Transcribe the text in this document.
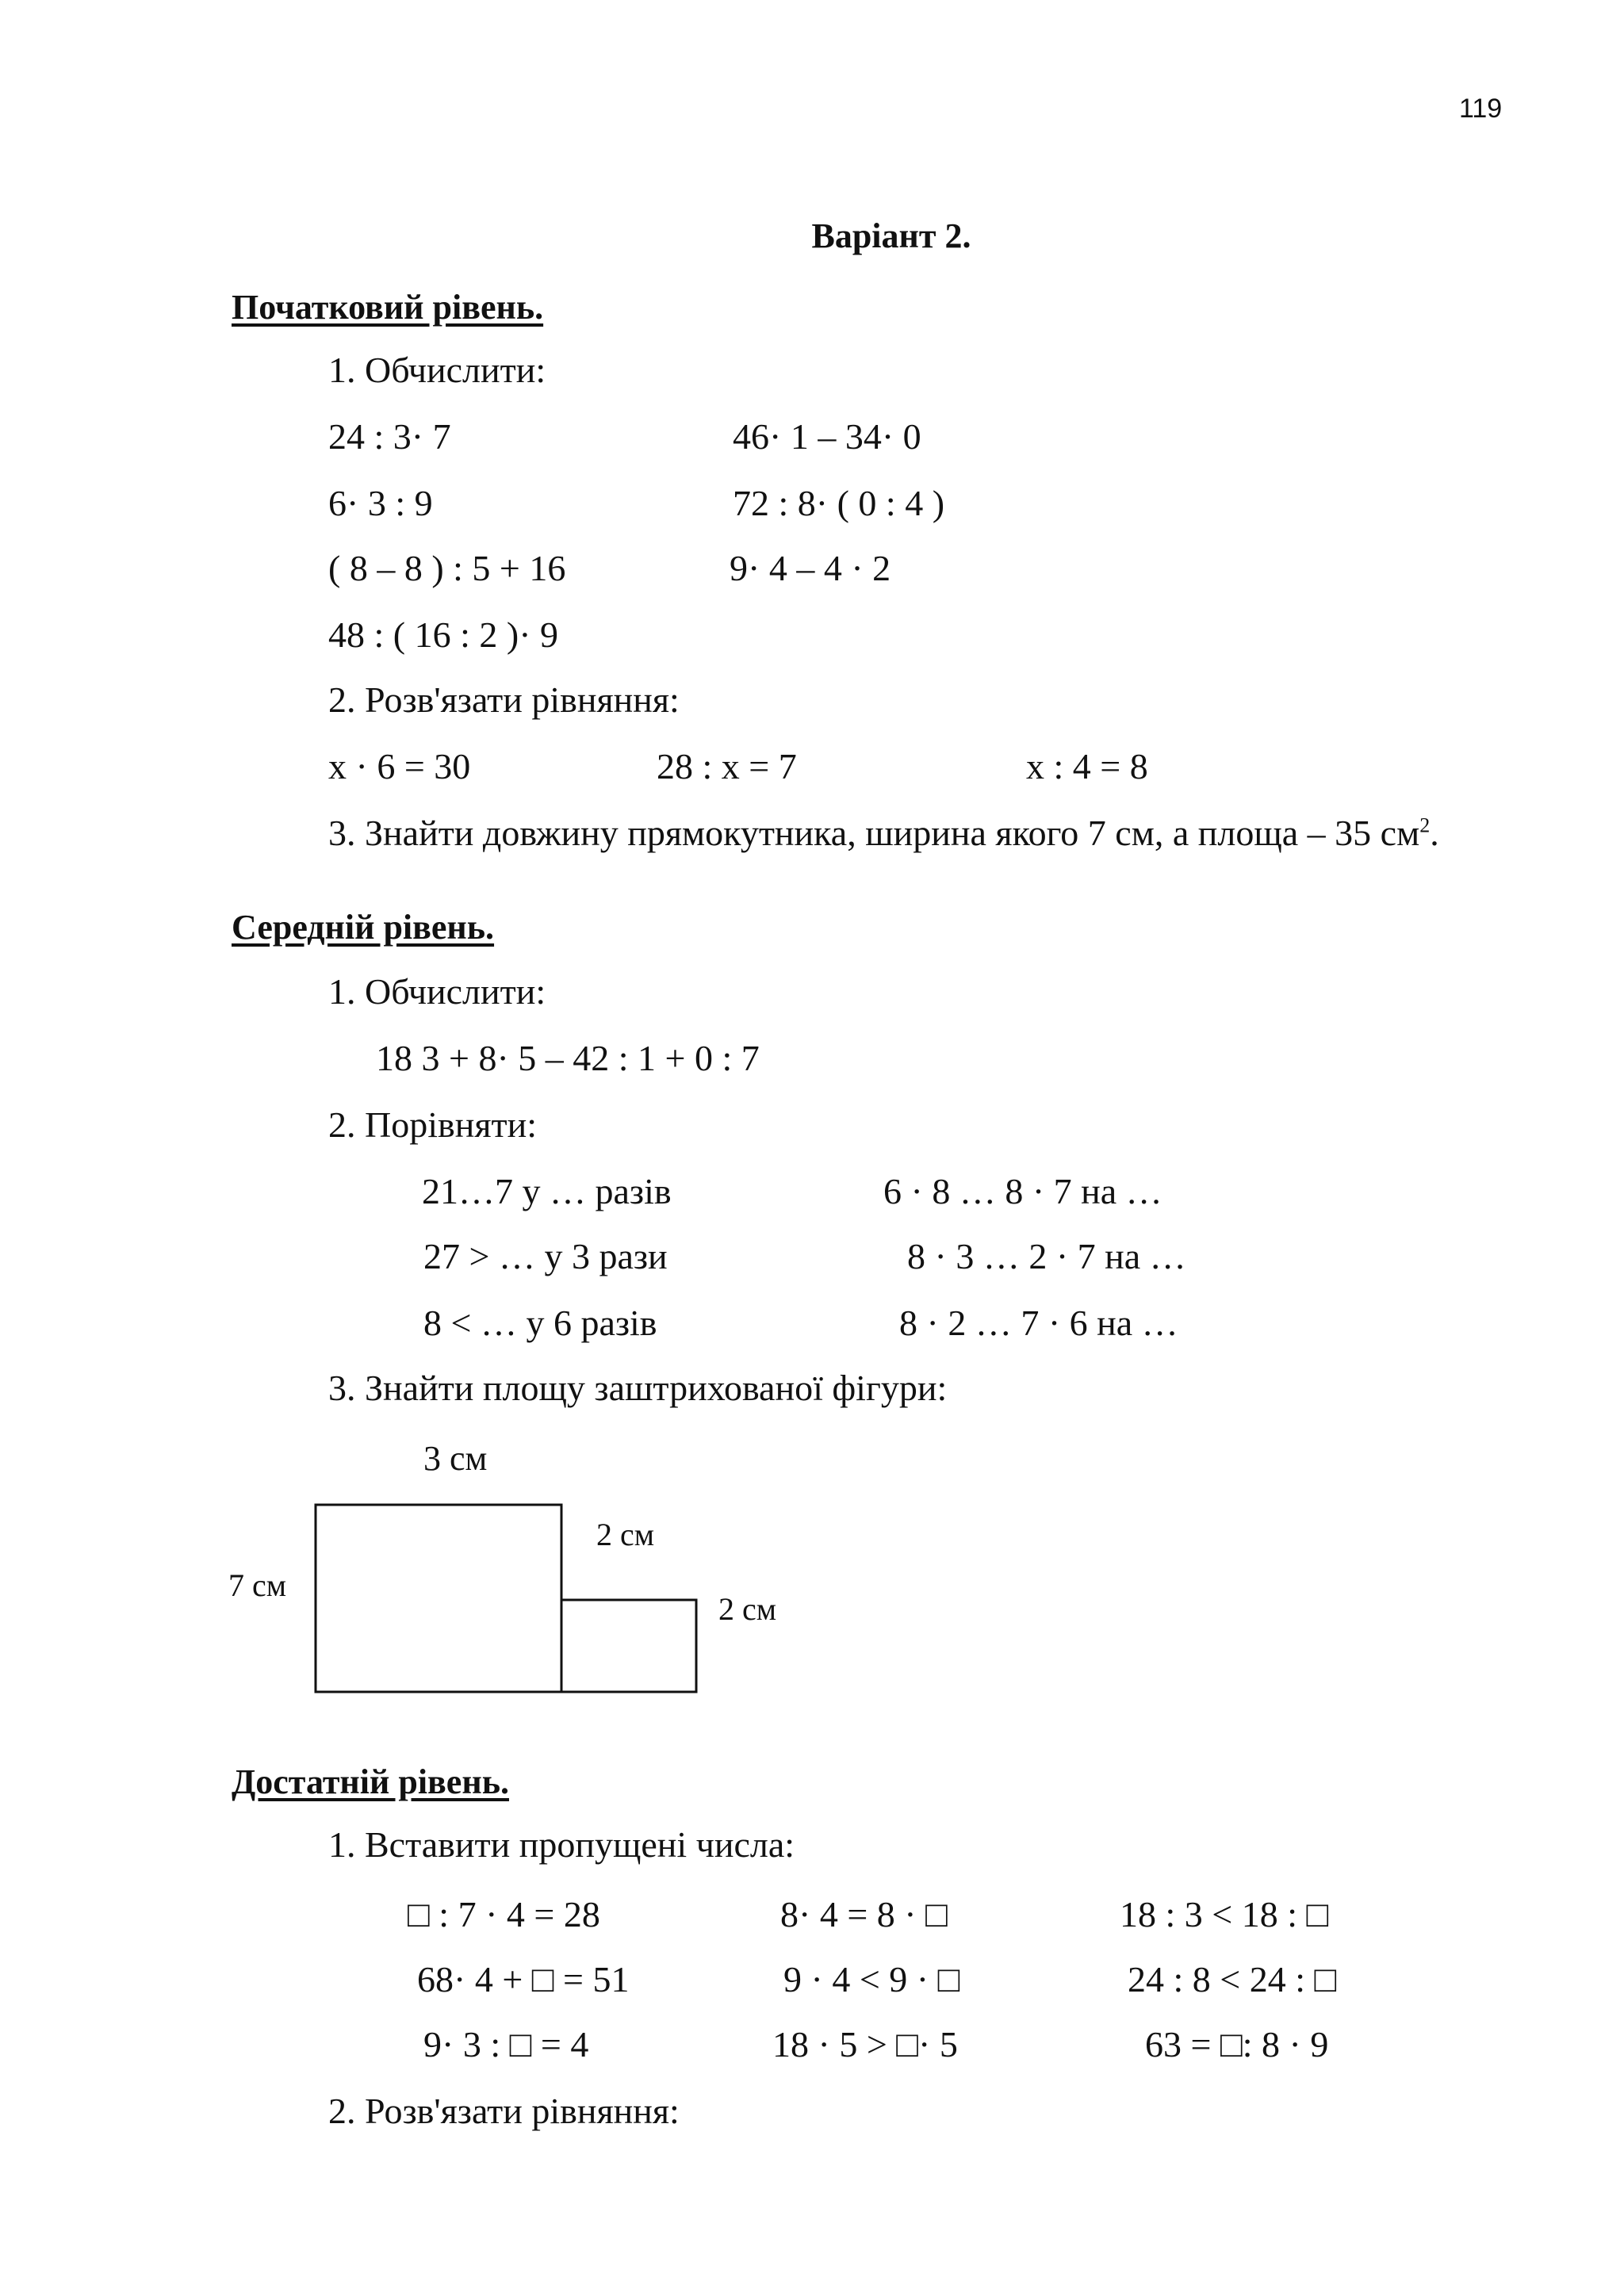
119
Варіант 2.
Початковий рівень.
1. Обчислити:
24 : 3· 7	46· 1 – 34· 0
6· 3 : 9	72 : 8· ( 0 : 4 )
( 8 – 8 ) : 5 + 16	9· 4 – 4 · 2
48 : ( 16 : 2 )· 9
2. Розв'язати рівняння:
х · 6 = 30	28 : х = 7	х : 4 = 8
3. Знайти довжину прямокутника, ширина якого 7 см, а площа – 35 $см^2$.
Середній рівень.
1. Обчислити:
18 3 + 8· 5 – 42 : 1 + 0 : 7
2. Порівняти:
21…7 у … разів	6 · 8 … 8 · 7 на …
27 > … у 3 рази	8 · 3 … 2 · 7 на …
8 < … у 6 разів	8 · 2 … 7 · 6 на …
3. Знайти площу заштрихованої фігури:
3 см
7 см
2 см
2 см
Достатній рівень.
1. Вставити пропущені числа:
□ : 7 · 4 = 28	8· 4 = 8 · □	18 : 3 < 18 : □
68· 4 + □ = 51	9 · 4 < 9 · □	24 : 8 < 24 : □
9· 3 : □ = 4	18 · 5 > □· 5	63 = □: 8 · 9
2. Розв'язати рівняння:
